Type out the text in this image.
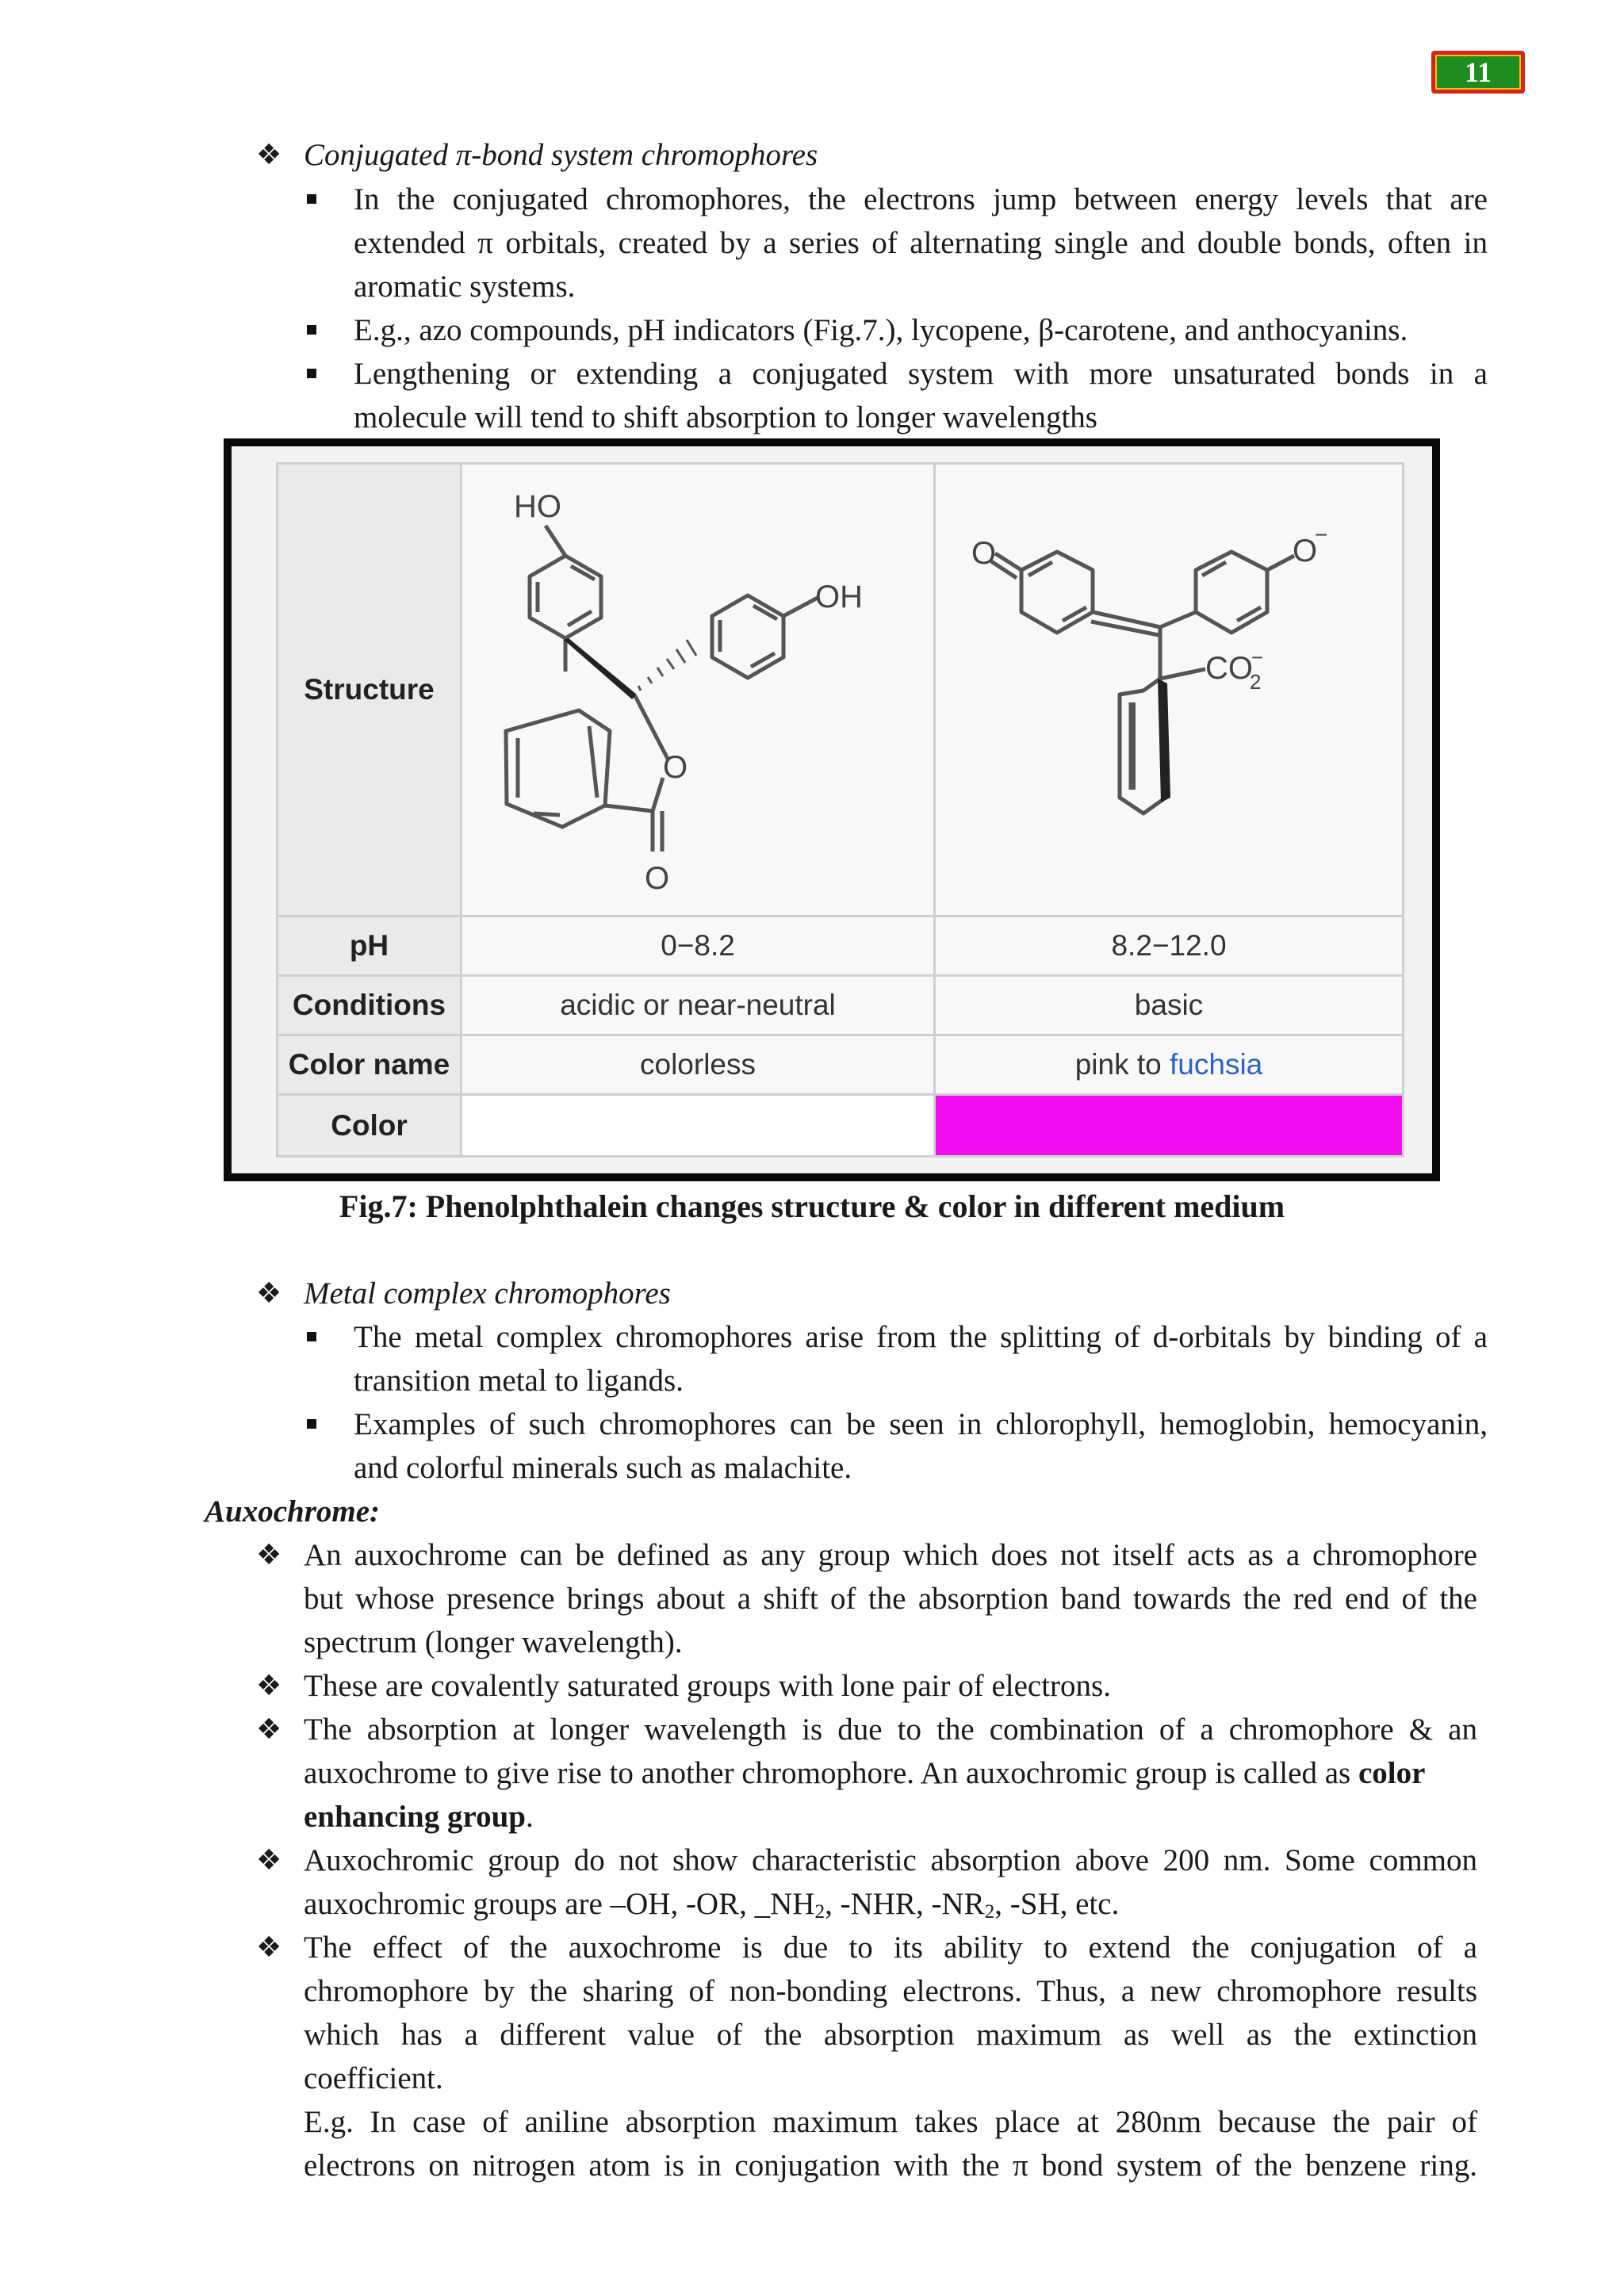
11
❖ Conjugated π-bond system chromophores
In the conjugated chromophores, the electrons jump between energy levels that are
extended π orbitals, created by a series of alternating single and double bonds, often in
aromatic systems.
E.g., azo compounds, pH indicators (Fig.7.), lycopene, β-carotene, and anthocyanins.
Lengthening or extending a conjugated system with more unsaturated bonds in a
molecule will tend to shift absorption to longer wavelengths
Structure
HO
OH
O
O
O	O
−
CO
2
−
pH	0−8.2	8.2−12.0
Conditions	acidic or near-neutral	basic
Color name	colorless	pink to fuchsia
Color
Fig.7: Phenolphthalein changes structure & color in different medium
❖ Metal complex chromophores
The metal complex chromophores arise from the splitting of d-orbitals by binding of a
transition metal to ligands.
Examples of such chromophores can be seen in chlorophyll, hemoglobin, hemocyanin,
and colorful minerals such as malachite.
Auxochrome:
❖ An auxochrome can be defined as any group which does not itself acts as a chromophore
but whose presence brings about a shift of the absorption band towards the red end of the
spectrum (longer wavelength).
❖ These are covalently saturated groups with lone pair of electrons.
❖ The absorption at longer wavelength is due to the combination of a chromophore & an
auxochrome to give rise to another chromophore. An auxochromic group is called as color
enhancing group.
❖ Auxochromic group do not show characteristic absorption above 200 nm. Some common
auxochromic groups are –OH, -OR, $\_NH_2$, -NHR, $-NR_2$, -SH, etc.
❖ The effect of the auxochrome is due to its ability to extend the conjugation of a
chromophore by the sharing of non-bonding electrons. Thus, a new chromophore results
which has a different value of the absorption maximum as well as the extinction
coefficient.
E.g. In case of aniline absorption maximum takes place at 280nm because the pair of
electrons on nitrogen atom is in conjugation with the π bond system of the benzene ring.
